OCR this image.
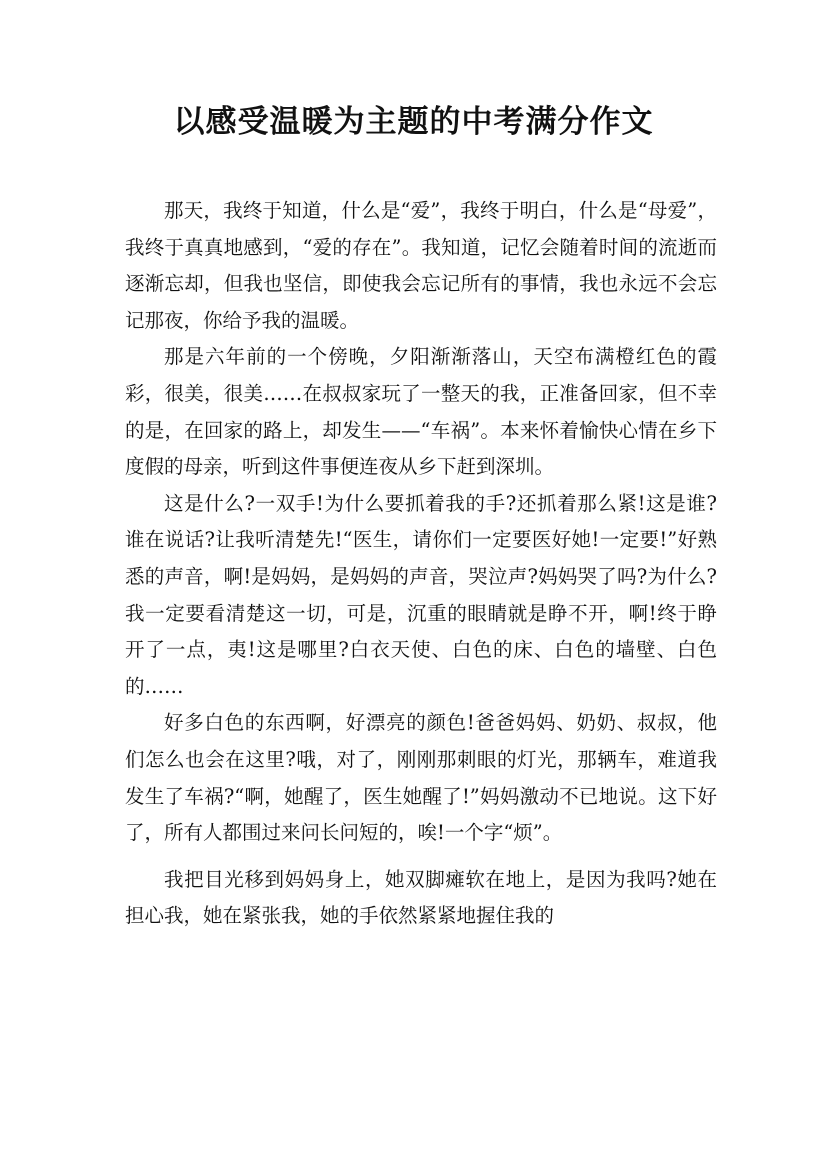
以感受温暖为主题的中考满分作文

那天，我终于知道，什么是“爱”，我终于明白，什么是“母爱”，我终于真真地感到，“爱的存在”。我知道，记忆会随着时间的流逝而逐渐忘却，但我也坚信，即使我会忘记所有的事情，我也永远不会忘记那夜，你给予我的温暖。

那是六年前的一个傍晚，夕阳渐渐落山，天空布满橙红色的霞彩，很美，很美……在叔叔家玩了一整天的我，正准备回家，但不幸的是，在回家的路上，却发生——“车祸”。本来怀着愉快心情在乡下度假的母亲，听到这件事便连夜从乡下赶到深圳。

这是什么?一双手!为什么要抓着我的手?还抓着那么紧!这是谁?谁在说话?让我听清楚先!“医生，请你们一定要医好她!一定要!”好熟悉的声音，啊!是妈妈，是妈妈的声音，哭泣声?妈妈哭了吗?为什么?我一定要看清楚这一切，可是，沉重的眼睛就是睁不开，啊!终于睁开了一点，夷!这是哪里?白衣天使、白色的床、白色的墙壁、白色的……

好多白色的东西啊，好漂亮的颜色!爸爸妈妈、奶奶、叔叔，他们怎么也会在这里?哦，对了，刚刚那刺眼的灯光，那辆车，难道我发生了车祸?“啊，她醒了，医生她醒了!”妈妈激动不已地说。这下好了，所有人都围过来问长问短的，唉!一个字“烦”。

我把目光移到妈妈身上，她双脚瘫软在地上，是因为我吗?她在担心我，她在紧张我，她的手依然紧紧地握住我的
